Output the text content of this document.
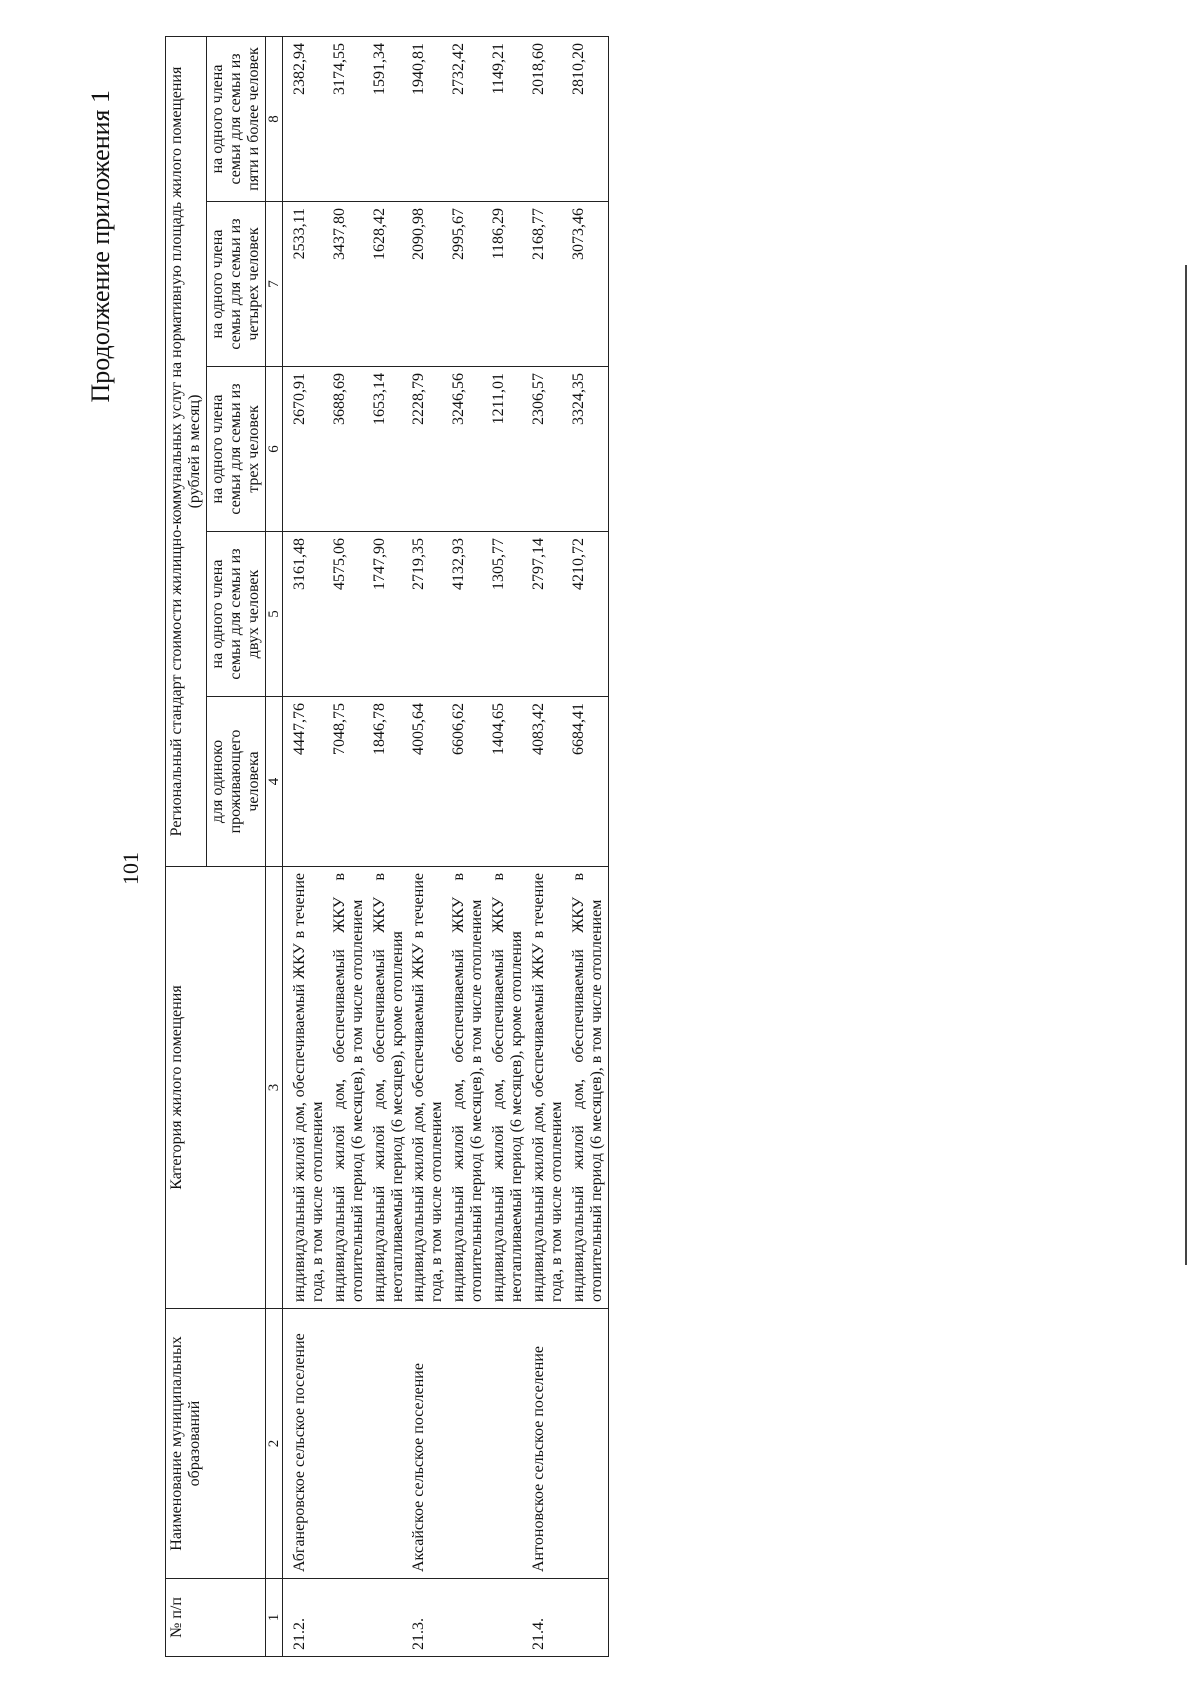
101
Продолжение приложения 1
№ п/п	Наименование муниципальных образований	Категория жилого помещения	Региональный стандарт стоимости жилищно-коммунальных услуг на нормативную площадь жилого помещения (рублей в месяц)				
			для одиноко проживающего человека	на одного члена семьи для семьи из двух человек	на одного члена семьи для семьи из трех человек	на одного члена семьи для семьи из четырех человек	на одного члена семьи для семьи из пяти и более человек
1	2	3	4	5	6	7	8
21.2.	Абганеровское сельское поселение	индивидуальный жилой дом, обеспечиваемый ЖКУ в течение года, в том числе отоплением	4447,76	3161,48	2670,91	2533,11	2382,94
		индивидуальный жилой дом, обеспечиваемый ЖКУ в отопительный период (6 месяцев), в том числе отоплением	7048,75	4575,06	3688,69	3437,80	3174,55
		индивидуальный жилой дом, обеспечиваемый ЖКУ в неотапливаемый период (6 месяцев), кроме отопления	1846,78	1747,90	1653,14	1628,42	1591,34
21.3.	Аксайское сельское поселение	индивидуальный жилой дом, обеспечиваемый ЖКУ в течение года, в том числе отоплением	4005,64	2719,35	2228,79	2090,98	1940,81
		индивидуальный жилой дом, обеспечиваемый ЖКУ в отопительный период (6 месяцев), в том числе отоплением	6606,62	4132,93	3246,56	2995,67	2732,42
		индивидуальный жилой дом, обеспечиваемый ЖКУ в неотапливаемый период (6 месяцев), кроме отопления	1404,65	1305,77	1211,01	1186,29	1149,21
21.4.	Антоновское сельское поселение	индивидуальный жилой дом, обеспечиваемый ЖКУ в течение года, в том числе отоплением	4083,42	2797,14	2306,57	2168,77	2018,60
		индивидуальный жилой дом, обеспечиваемый ЖКУ в отопительный период (6 месяцев), в том числе отоплением	6684,41	4210,72	3324,35	3073,46	2810,20
